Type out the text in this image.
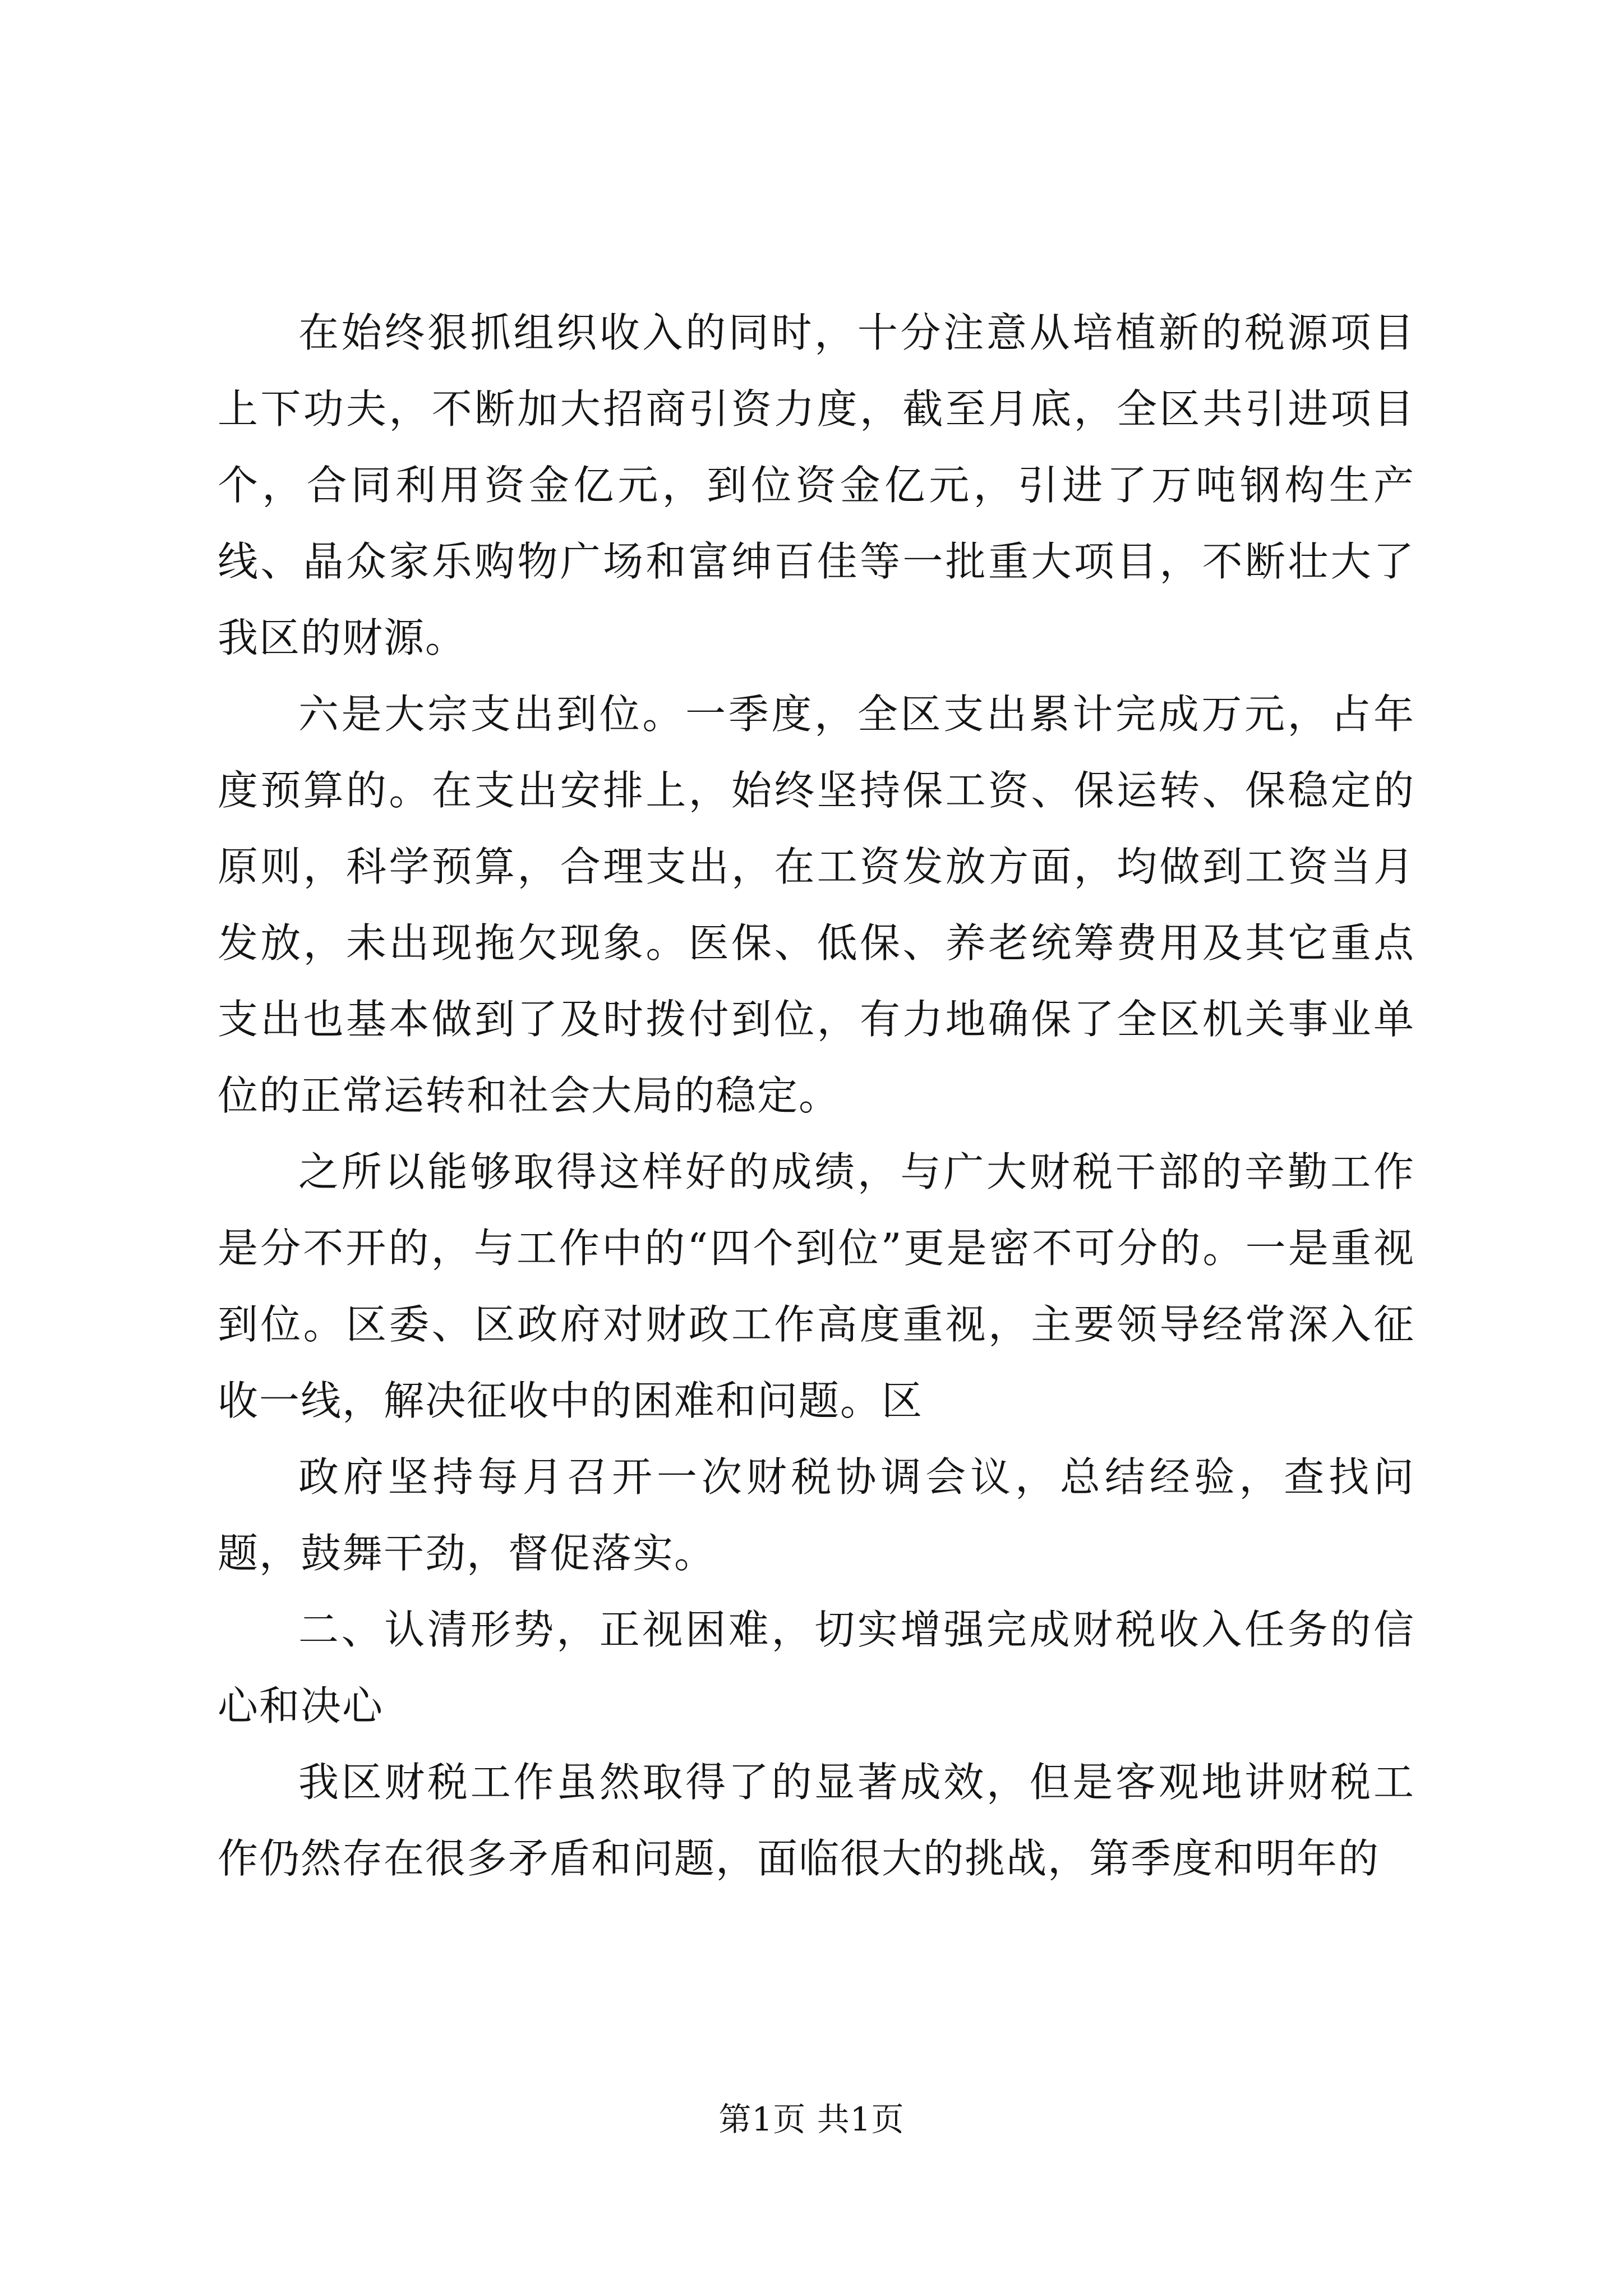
在始终狠抓组织收入的同时，十分注意从培植新的税源项目上下功夫，不断加大招商引资力度，截至月底，全区共引进项目个，合同利用资金亿元，到位资金亿元，引进了万吨钢构生产线、晶众家乐购物广场和富绅百佳等一批重大项目，不断壮大了我区的财源。

六是大宗支出到位。一季度，全区支出累计完成万元，占年度预算的。在支出安排上，始终坚持保工资、保运转、保稳定的原则，科学预算，合理支出，在工资发放方面，均做到工资当月发放，未出现拖欠现象。医保、低保、养老统筹费用及其它重点支出也基本做到了及时拨付到位，有力地确保了全区机关事业单位的正常运转和社会大局的稳定。

之所以能够取得这样好的成绩，与广大财税干部的辛勤工作是分不开的，与工作中的“四个到位”更是密不可分的。一是重视到位。区委、区政府对财政工作高度重视，主要领导经常深入征收一线，解决征收中的困难和问题。区

政府坚持每月召开一次财税协调会议，总结经验，查找问题，鼓舞干劲，督促落实。

二、认清形势，正视困难，切实增强完成财税收入任务的信心和决心

我区财税工作虽然取得了的显著成效，但是客观地讲财税工作仍然存在很多矛盾和问题，面临很大的挑战，第季度和明年的

第1页 共1页
